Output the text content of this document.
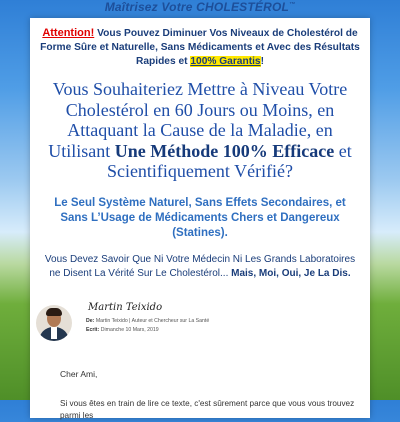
Maîtrisez Votre CHOLESTÉROL™
Attention! Vous Pouvez Diminuer Vos Niveaux de Cholestérol de Forme Sûre et Naturelle, Sans Médicaments et Avec des Résultats Rapides et 100% Garantis!
Vous Souhaiteriez Mettre à Niveau Votre Cholestérol en 60 Jours ou Moins, en Attaquant la Cause de la Maladie, en Utilisant Une Méthode 100% Efficace et Scientifiquement Vérifié?
Le Seul Système Naturel, Sans Effets Secondaires, et Sans L’Usage de Médicaments Chers et Dangereux (Statines).
Vous Devez Savoir Que Ni Votre Médecin Ni Les Grands Laboratoires ne Disent La Vérité Sur Le Cholestérol... Mais, Moi, Oui, Je La Dis.
Martin Teixido
De: Martin Teixido | Auteur et Chercheur sur La Santé
Ecrit: Dimanche 10 Mars, 2019
Cher Ami,
Si vous êtes en train de lire ce texte, c'est sûrement parce que vous vous trouvez parmi les
